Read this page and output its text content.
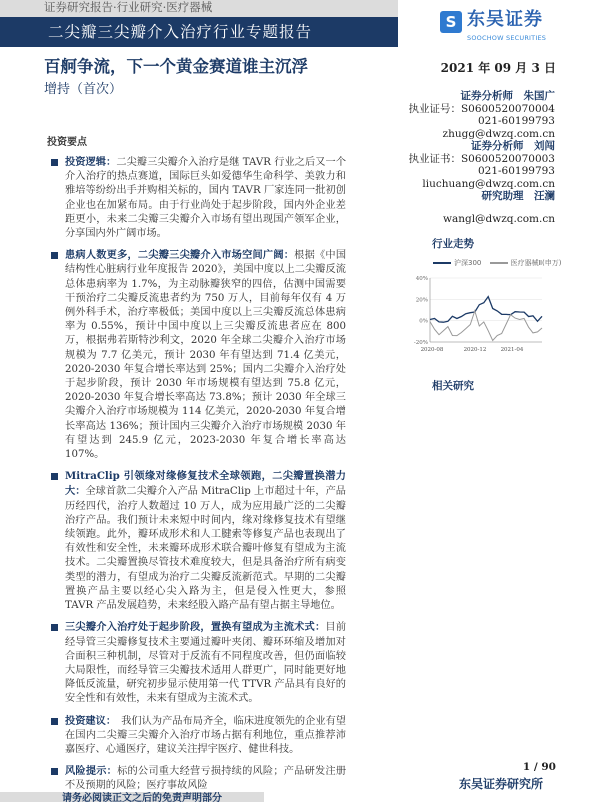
证券研究报告·行业研究·医疗器械
二尖瓣三尖瓣介入治疗行业专题报告
S 东吴证券
SOOCHOW SECURITIES
百舸争流，下一个黄金赛道谁主沉浮
增持（首次）
2021 年 09 月 3 日
证券分析师　朱国广
执业证号：S0600520070004
021-60199793
zhugg@dwzq.com.cn
证券分析师　刘闯
执业证书：S0600520070003
021-60199793
liuchuang@dwzq.com.cn
研究助理　汪澜
wangl@dwzq.com.cn
投资要点
投资逻辑：二尖瓣三尖瓣介入治疗是继 TAVR 行业之后又一个介入治疗的热点赛道，国际巨头如爱德华生命科学、美敦力和雅培等纷纷出手并购相关标的，国内 TAVR 厂家连同一批初创企业也在加紧布局。由于行业尚处于起步阶段，国内外企业差距更小，未来二尖瓣三尖瓣介入市场有望出现国产领军企业，分享国内外广阔市场。
患病人数更多，二尖瓣三尖瓣介入市场空间广阔：根据《中国结构性心脏病行业年度报告 2020》，美国中度以上二尖瓣反流总体患病率为 1.7%，为主动脉瓣狭窄的四倍，估测中国需要干预治疗二尖瓣反流患者约为 750 万人，目前每年仅有 4 万例外科手术，治疗率极低；美国中度以上三尖瓣反流总体患病率为 0.55%，预计中国中度以上三尖瓣反流患者应在 800 万，根据弗若斯特沙利文，2020 年全球二尖瓣介入治疗市场规模为 7.7 亿美元，预计 2030 年有望达到 71.4 亿美元，2020-2030 年复合增长率达到 25%；国内二尖瓣介入治疗处于起步阶段，预计 2030 年市场规模有望达到 75.8 亿元，2020-2030 年复合增长率高达 73.8%；预计 2030 年全球三尖瓣介入治疗市场规模为 114 亿美元，2020-2030 年复合增长率高达 136%；预计国内三尖瓣介入治疗市场规模 2030 年有望达到 245.9 亿元，2023-2030 年复合增长率高达 107%。
MitraClip 引领缘对缘修复技术全球领跑，二尖瓣置换潜力大：全球首款二尖瓣介入产品 MitraClip 上市超过十年，产品历经四代，治疗人数超过 10 万人，成为应用最广泛的二尖瓣治疗产品。我们预计未来短中时间内，缘对缘修复技术有望继续领跑。此外，瓣环成形术和人工腱索等修复产品也表现出了有效性和安全性，未来瓣环成形术联合瓣叶修复有望成为主流技术。二尖瓣置换尽管技术难度较大，但是具备治疗所有病变类型的潜力，有望成为治疗二尖瓣反流新范式。早期的二尖瓣置换产品主要以经心尖入路为主，但是侵入性更大，参照 TAVR 产品发展趋势，未来经股入路产品有望占据主导地位。
三尖瓣介入治疗处于起步阶段，置换有望成为主流术式：目前经导管三尖瓣修复技术主要通过瓣叶夹闭、瓣环环缩及增加对合面积三种机制，尽管对于反流有不同程度改善，但仍面临较大局限性，而经导管三尖瓣技术适用人群更广，同时能更好地降低反流量，研究初步显示使用第一代 TTVR 产品具有良好的安全性和有效性，未来有望成为主流术式。
投资建议：　我们认为产品布局齐全，临床进度领先的企业有望在国内二尖瓣三尖瓣介入治疗市场占据有利地位，重点推荐沛嘉医疗、心通医疗，建议关注捍宇医疗、健世科技。
风险提示：标的公司重大经营亏损持续的风险；产品研发注册不及预期的风险；医疗事故风险
行业走势
沪深300	医疗器械Ⅱ(申万)
40%
20%
0%
-20%
2020-08	2020-12	2021-04
相关研究
1 / 90
东吴证券研究所
请务必阅读正文之后的免责声明部分
